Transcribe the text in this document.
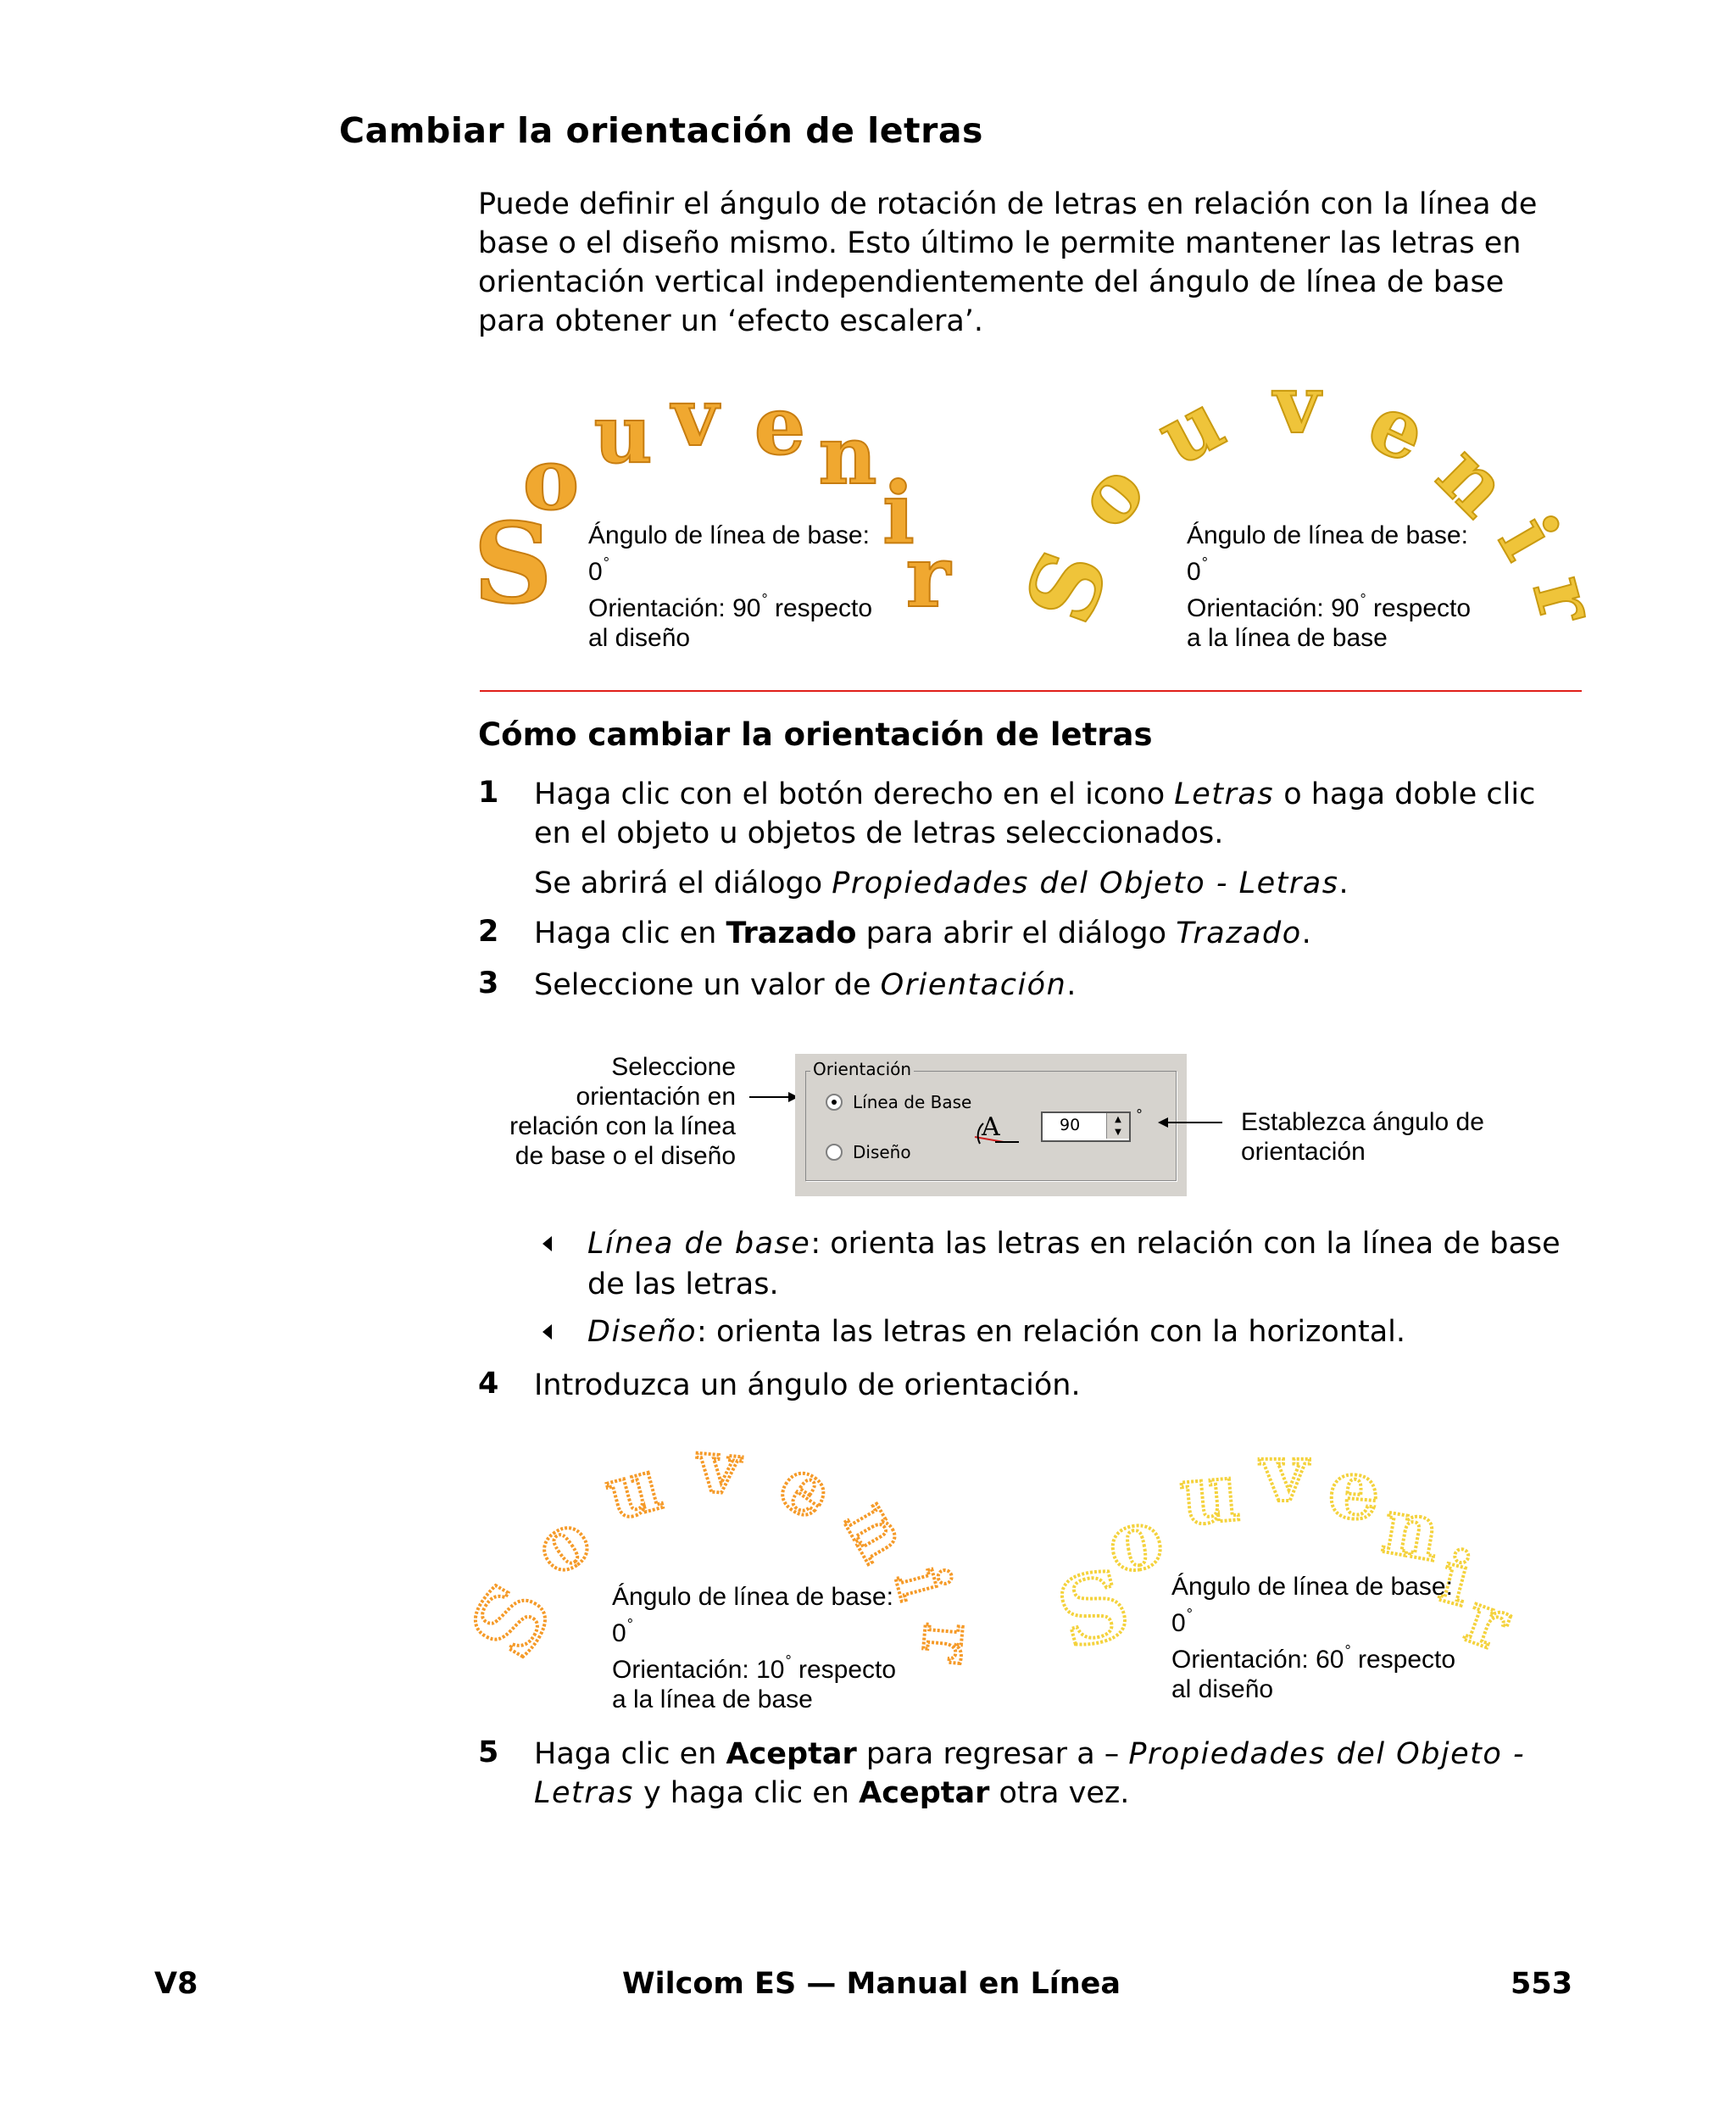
Cambiar la orientación de letras
Puede definir el ángulo de rotación de letras en relación con la línea de base o el diseño mismo. Esto último le permite mantener las letras en orientación vertical independientemente del ángulo de línea de base para obtener un ‘efecto escalera’.
S
o u v e n
i
r
Ángulo de línea de base:
0°
Orientación: 90° respecto
al diseño
S
o
u v e
n
i
r
Ángulo de línea de base:
0°
Orientación: 90° respecto
a la línea de base
Cómo cambiar la orientación de letras
1 Haga clic con el botón derecho en el icono Letras o haga doble clic en el objeto u objetos de letras seleccionados.
Se abrirá el diálogo Propiedades del Objeto - Letras.
2 Haga clic en Trazado para abrir el diálogo Trazado.
3 Seleccione un valor de Orientación.
Seleccione
orientación en
relación con la línea
de base o el diseño
Orientación
Línea de Base
Diseño
A	90	▲
▼
°	Establezca ángulo de
orientación
Línea de base: orienta las letras en relación con la línea de base de las letras.
Diseño: orienta las letras en relación con la horizontal.
4 Introduzca un ángulo de orientación.
S
o
u v e
n
i
r
Ángulo de línea de base:
0°
Orientación: 10° respecto
a la línea de base
S
o u v e
n
i
r
Ángulo de línea de base:
0°
Orientación: 60° respecto
al diseño
5 Haga clic en Aceptar para regresar a – Propiedades del Objeto - Letras y haga clic en Aceptar otra vez.
V8	Wilcom ES — Manual en Línea	553
